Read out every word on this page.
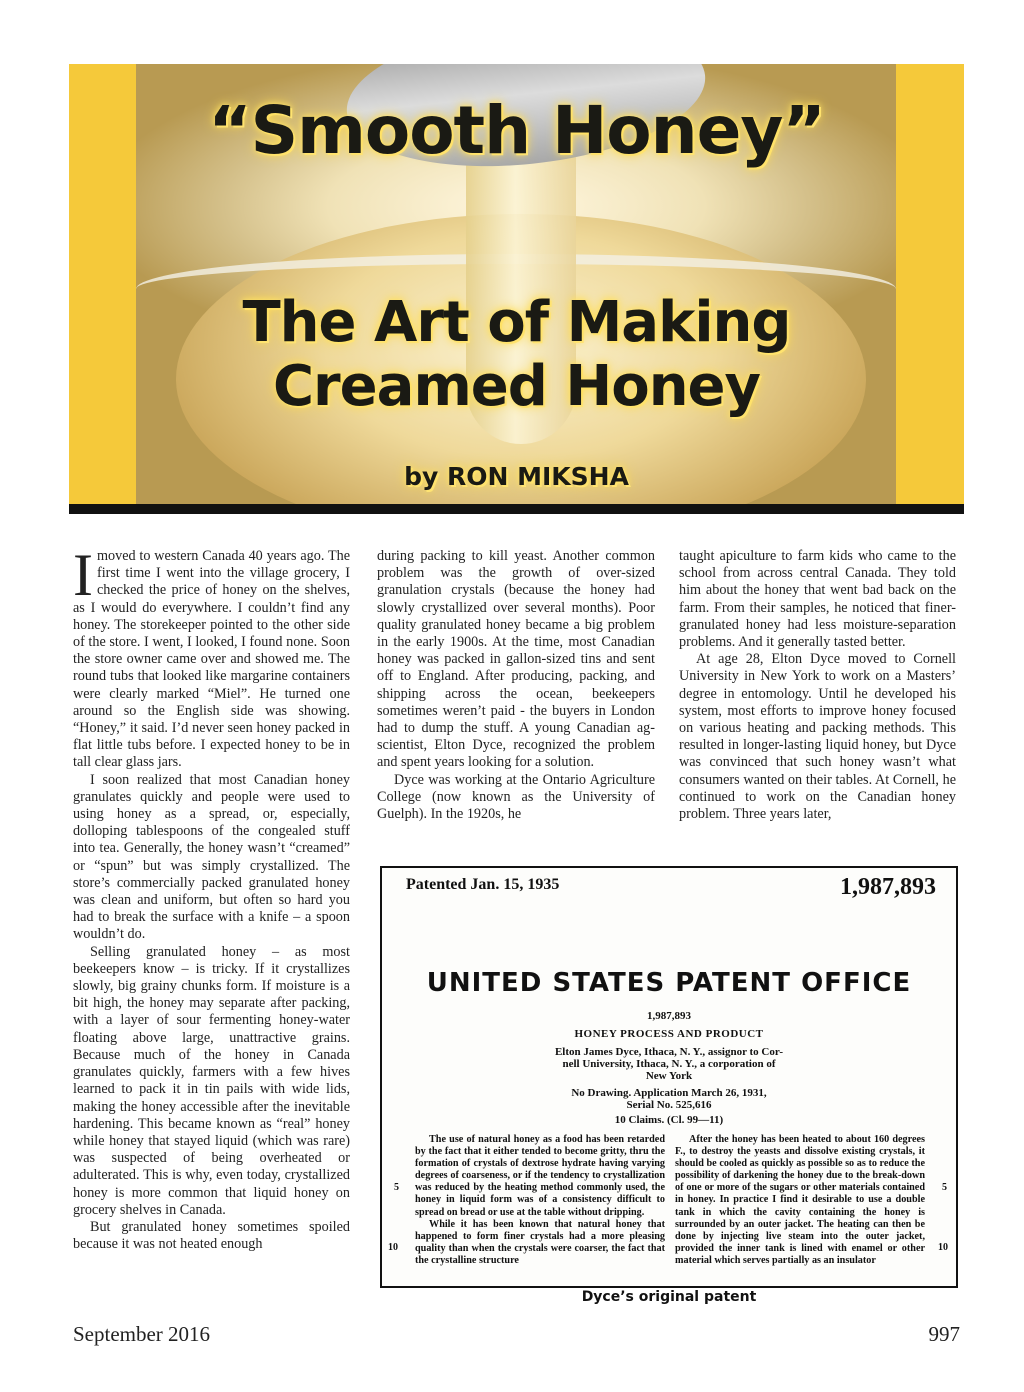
“Smooth Honey”
The Art of Making
Creamed Honey
by RON MIKSHA

Imoved to western Canada 40 years ago. The first time I went into the village grocery, I checked the price of honey on the shelves, as I would do everywhere. I couldn’t find any honey. The storekeeper pointed to the other side of the store. I went, I looked, I found none. Soon the store owner came over and showed me. The round tubs that looked like margarine containers were clearly marked “Miel”. He turned one around so the English side was showing. “Honey,” it said. I’d never seen honey packed in flat little tubs before. I expected honey to be in tall clear glass jars.

I soon realized that most Canadian honey granulates quickly and people were used to using honey as a spread, or, especially, dolloping tablespoons of the congealed stuff into tea. Generally, the honey wasn’t “creamed” or “spun” but was simply crystallized. The store’s commercially packed granulated honey was clean and uniform, but often so hard you had to break the surface with a knife – a spoon wouldn’t do.

Selling granulated honey – as most beekeepers know – is tricky. If it crystallizes slowly, big grainy chunks form. If moisture is a bit high, the honey may separate after packing, with a layer of sour fermenting honey-water floating above large, unattractive grains. Because much of the honey in Canada granulates quickly, farmers with a few hives learned to pack it in tin pails with wide lids, making the honey accessible after the inevitable hardening. This became known as “real” honey while honey that stayed liquid (which was rare) was suspected of being overheated or adulterated. This is why, even today, crystallized honey is more common that liquid honey on grocery shelves in Canada.

But granulated honey sometimes spoiled because it was not heated enough

during packing to kill yeast. Another common problem was the growth of over-sized granulation crystals (because the honey had slowly crystallized over several months). Poor quality granulated honey became a big problem in the early 1900s. At the time, most Canadian honey was packed in gallon-sized tins and sent off to England. After producing, packing, and shipping across the ocean, beekeepers sometimes weren’t paid - the buyers in London had to dump the stuff. A young Canadian ag-scientist, Elton Dyce, recognized the problem and spent years looking for a solution.

Dyce was working at the Ontario Agriculture College (now known as the University of Guelph). In the 1920s, he

taught apiculture to farm kids who came to the school from across central Canada. They told him about the honey that went bad back on the farm. From their samples, he noticed that finer-granulated honey had less moisture-separation problems. And it generally tasted better.

At age 28, Elton Dyce moved to Cornell University in New York to work on a Masters’ degree in entomology. Until he developed his system, most efforts to improve honey focused on various heating and packing methods. This resulted in longer-lasting liquid honey, but Dyce was convinced that such honey wasn’t what consumers wanted on their tables. At Cornell, he continued to work on the Canadian honey problem. Three years later,

Patented Jan. 15, 1935	1,987,893
UNITED STATES PATENT OFFICE
1,987,893
HONEY PROCESS AND PRODUCT
Elton James Dyce, Ithaca, N. Y., assignor to Cor-
nell University, Ithaca, N. Y., a corporation of
New York
No Drawing. Application March 26, 1931,
Serial No. 525,616
10 Claims. (Cl. 99—11)
5
10
5
10

The use of natural honey as a food has been retarded by the fact that it either tended to become gritty, thru the formation of crystals of dextrose hydrate having varying degrees of coarseness, or if the tendency to crystallization was reduced by the heating method commonly used, the honey in liquid form was of a consistency difficult to spread on bread or use at the table without dripping.

While it has been known that natural honey that happened to form finer crystals had a more pleasing quality than when the crystals were coarser, the fact that the crystalline structure

After the honey has been heated to about 160 degrees F., to destroy the yeasts and dissolve existing crystals, it should be cooled as quickly as possible so as to reduce the possibility of darkening the honey due to the break-down of one or more of the sugars or other materials contained in honey. In practice I find it desirable to use a double tank in which the cavity containing the honey is surrounded by an outer jacket. The heating can then be done by injecting live steam into the outer jacket, provided the inner tank is lined with enamel or other material which serves partially as an insulator

Dyce’s original patent
September 2016	997
